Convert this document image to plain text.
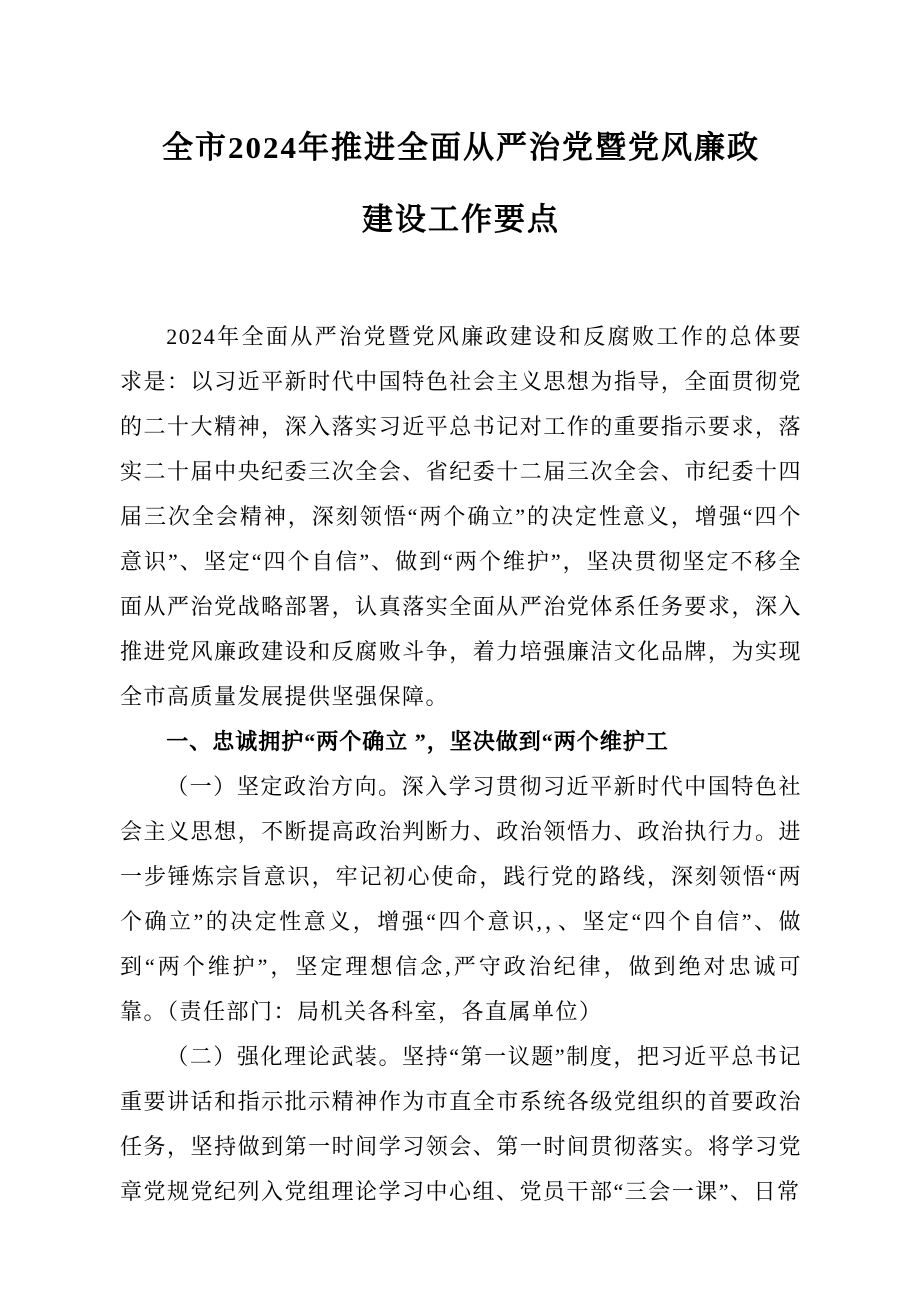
全市2024年推进全面从严治党暨党风廉政
建设工作要点

2024年全面从严治党暨党风廉政建设和反腐败工作的总体要求是：以习近平新时代中国特色社会主义思想为指导，全面贯彻党的二十大精神，深入落实习近平总书记对工作的重要指示要求，落实二十届中央纪委三次全会、省纪委十二届三次全会、市纪委十四届三次全会精神，深刻领悟“两个确立”的决定性意义，增强“四个意识”、坚定“四个自信”、做到“两个维护”，坚决贯彻坚定不移全面从严治党战略部署，认真落实全面从严治党体系任务要求，深入推进党风廉政建设和反腐败斗争，着力培强廉洁文化品牌，为实现全市高质量发展提供坚强保障。

一、忠诚拥护“两个确立 ”，坚决做到“两个维护工

（一）坚定政治方向。深入学习贯彻习近平新时代中国特色社会主义思想，不断提高政治判断力、政治领悟力、政治执行力。进一步锤炼宗旨意识，牢记初心使命，践行党的路线，深刻领悟“两个确立”的决定性意义，增强“四个意识,，、坚定“四个自信”、做到“两个维护”，坚定理想信念,严守政治纪律，做到绝对忠诚可靠。（责任部门：局机关各科室，各直属单位）

（二）强化理论武装。坚持“第一议题”制度，把习近平总书记重要讲话和指示批示精神作为市直全市系统各级党组织的首要政治任务，坚持做到第一时间学习领会、第一时间贯彻落实。将学习党章党规党纪列入党组理论学习中心组、党员干部“三会一课”、日常
